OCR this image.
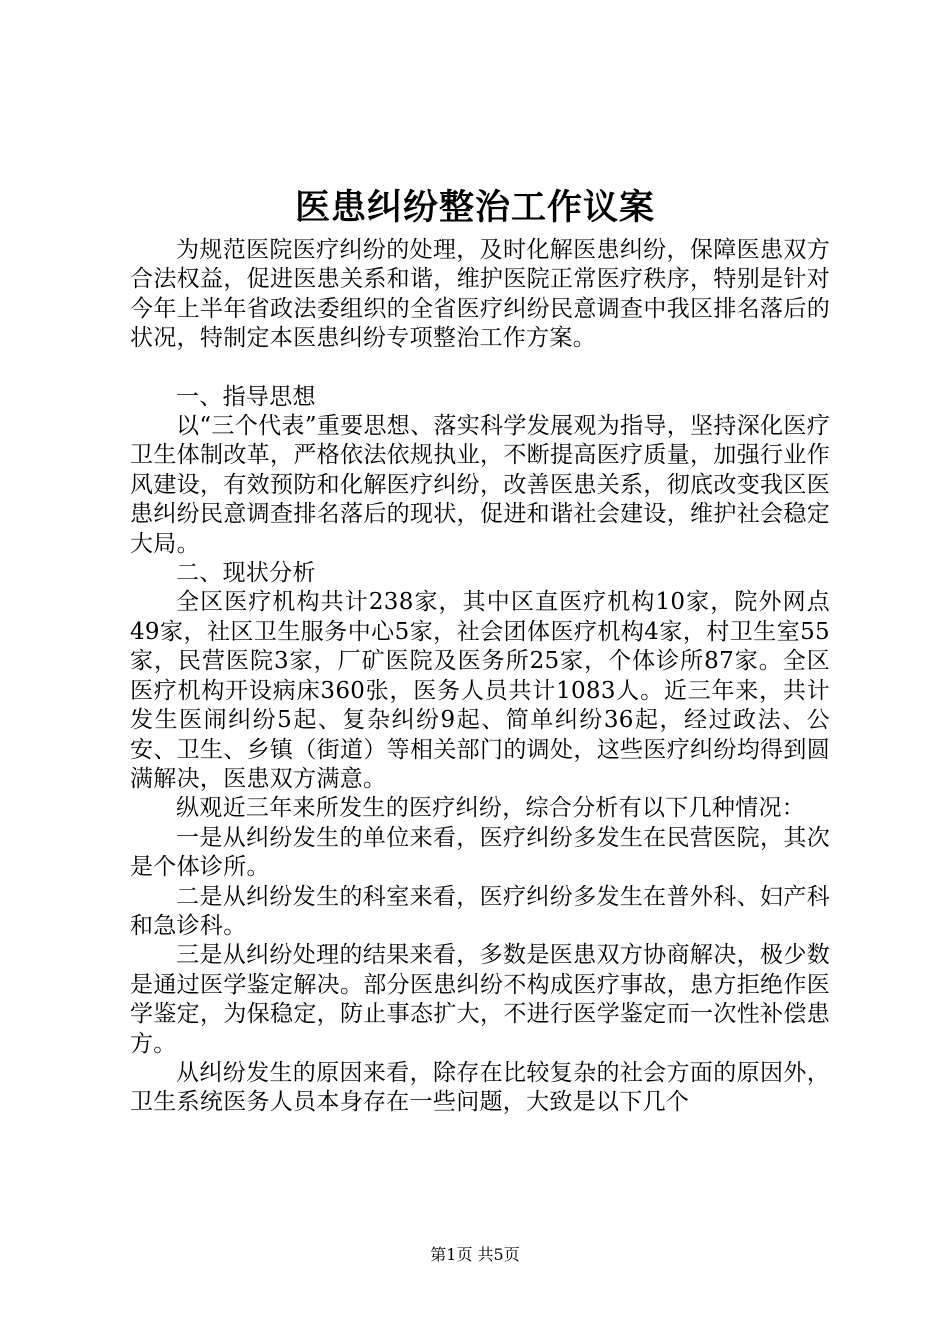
医患纠纷整治工作议案

为规范医院医疗纠纷的处理，及时化解医患纠纷，保障医患双方合法权益，促进医患关系和谐，维护医院正常医疗秩序，特别是针对今年上半年省政法委组织的全省医疗纠纷民意调查中我区排名落后的状况，特制定本医患纠纷专项整治工作方案。

一、指导思想

以“三个代表”重要思想、落实科学发展观为指导，坚持深化医疗卫生体制改革，严格依法依规执业，不断提高医疗质量，加强行业作风建设，有效预防和化解医疗纠纷，改善医患关系，彻底改变我区医患纠纷民意调查排名落后的现状，促进和谐社会建设，维护社会稳定大局。

二、现状分析

全区医疗机构共计238家，其中区直医疗机构10家，院外网点49家，社区卫生服务中心5家，社会团体医疗机构4家，村卫生室55家，民营医院3家，厂矿医院及医务所25家，个体诊所87家。全区医疗机构开设病床360张，医务人员共计1083人。近三年来，共计发生医闹纠纷5起、复杂纠纷9起、简单纠纷36起，经过政法、公安、卫生、乡镇（街道）等相关部门的调处，这些医疗纠纷均得到圆满解决，医患双方满意。

纵观近三年来所发生的医疗纠纷，综合分析有以下几种情况：

一是从纠纷发生的单位来看，医疗纠纷多发生在民营医院，其次是个体诊所。

二是从纠纷发生的科室来看，医疗纠纷多发生在普外科、妇产科和急诊科。

三是从纠纷处理的结果来看，多数是医患双方协商解决，极少数是通过医学鉴定解决。部分医患纠纷不构成医疗事故，患方拒绝作医学鉴定，为保稳定，防止事态扩大，不进行医学鉴定而一次性补偿患方。

从纠纷发生的原因来看，除存在比较复杂的社会方面的原因外，卫生系统医务人员本身存在一些问题，大致是以下几个

第1页 共5页
